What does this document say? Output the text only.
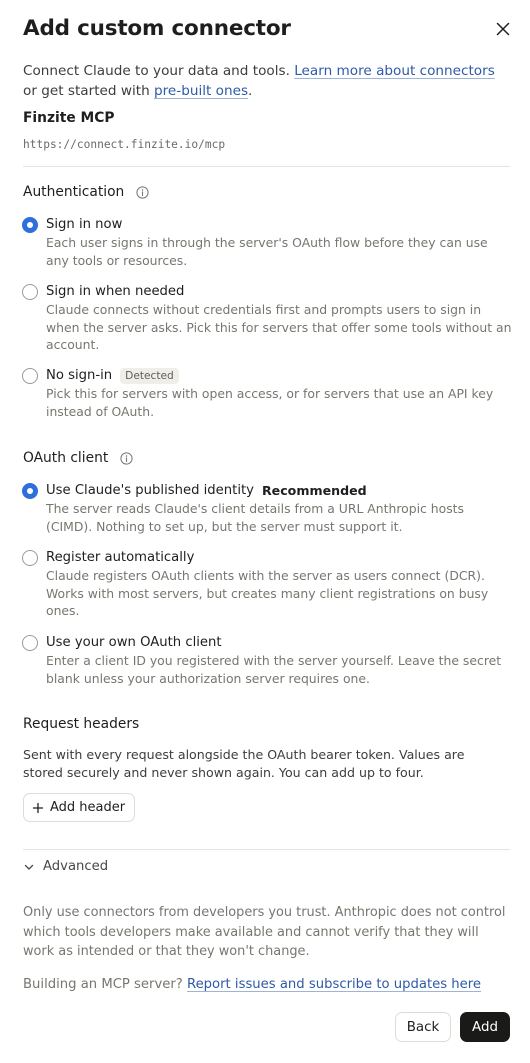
Add custom connector
Connect Claude to your data and tools. Learn more about connectors or get started with pre-built ones.
Finzite MCP
https://connect.finzite.io/mcp
Authentication
Sign in now
Each user signs in through the server's OAuth flow before they can use any tools or resources.
Sign in when needed
Claude connects without credentials first and prompts users to sign in when the server asks. Pick this for servers that offer some tools without an account.
No sign-in	Detected
Pick this for servers with open access, or for servers that use an API key instead of OAuth.
OAuth client
Use Claude's published identity Recommended
The server reads Claude's client details from a URL Anthropic hosts (CIMD). Nothing to set up, but the server must support it.
Register automatically
Claude registers OAuth clients with the server as users connect (DCR). Works with most servers, but creates many client registrations on busy ones.
Use your own OAuth client
Enter a client ID you registered with the server yourself. Leave the secret blank unless your authorization server requires one.
Request headers
Sent with every request alongside the OAuth bearer token. Values are stored securely and never shown again. You can add up to four.
Add header
Advanced
Only use connectors from developers you trust. Anthropic does not control which tools developers make available and cannot verify that they will work as intended or that they won't change.
Building an MCP server? Report issues and subscribe to updates here
Back	Add
